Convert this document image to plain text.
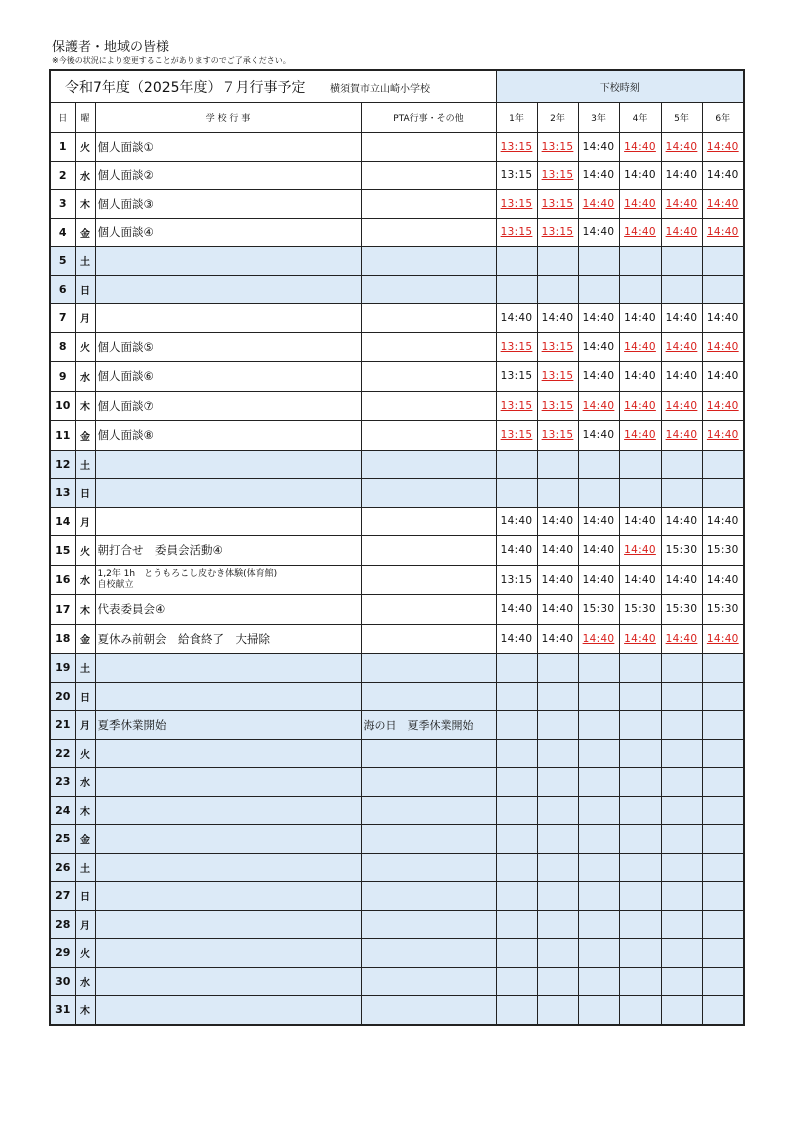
保護者・地域の皆様
※今後の状況により変更することがありますのでご了承ください。
令和7年度（2025年度）７月行事予定 横須賀市立山崎小学校				下校時刻					
日	曜	学 校 行 事	PTA行事・その他	1年	2年	3年	4年	5年	6年
1	火	個人面談①		13:15	13:15	14:40	14:40	14:40	14:40
2	水	個人面談②		13:15	13:15	14:40	14:40	14:40	14:40
3	木	個人面談③		13:15	13:15	14:40	14:40	14:40	14:40
4	金	個人面談④		13:15	13:15	14:40	14:40	14:40	14:40
5	土								
6	日								
7	月			14:40	14:40	14:40	14:40	14:40	14:40
8	火	個人面談⑤		13:15	13:15	14:40	14:40	14:40	14:40
9	水	個人面談⑥		13:15	13:15	14:40	14:40	14:40	14:40
10	木	個人面談⑦		13:15	13:15	14:40	14:40	14:40	14:40
11	金	個人面談⑧		13:15	13:15	14:40	14:40	14:40	14:40
12	土								
13	日								
14	月			14:40	14:40	14:40	14:40	14:40	14:40
15	火	朝打合せ　委員会活動④		14:40	14:40	14:40	14:40	15:30	15:30
16	水	1,2年 1h　とうもろこし皮むき体験(体育館)
自校献立		13:15	14:40	14:40	14:40	14:40	14:40
17	木	代表委員会④		14:40	14:40	15:30	15:30	15:30	15:30
18	金	夏休み前朝会　給食終了　大掃除		14:40	14:40	14:40	14:40	14:40	14:40
19	土								
20	日								
21	月	夏季休業開始	海の日　夏季休業開始						
22	火								
23	水								
24	木								
25	金								
26	土								
27	日								
28	月								
29	火								
30	水								
31	木								
